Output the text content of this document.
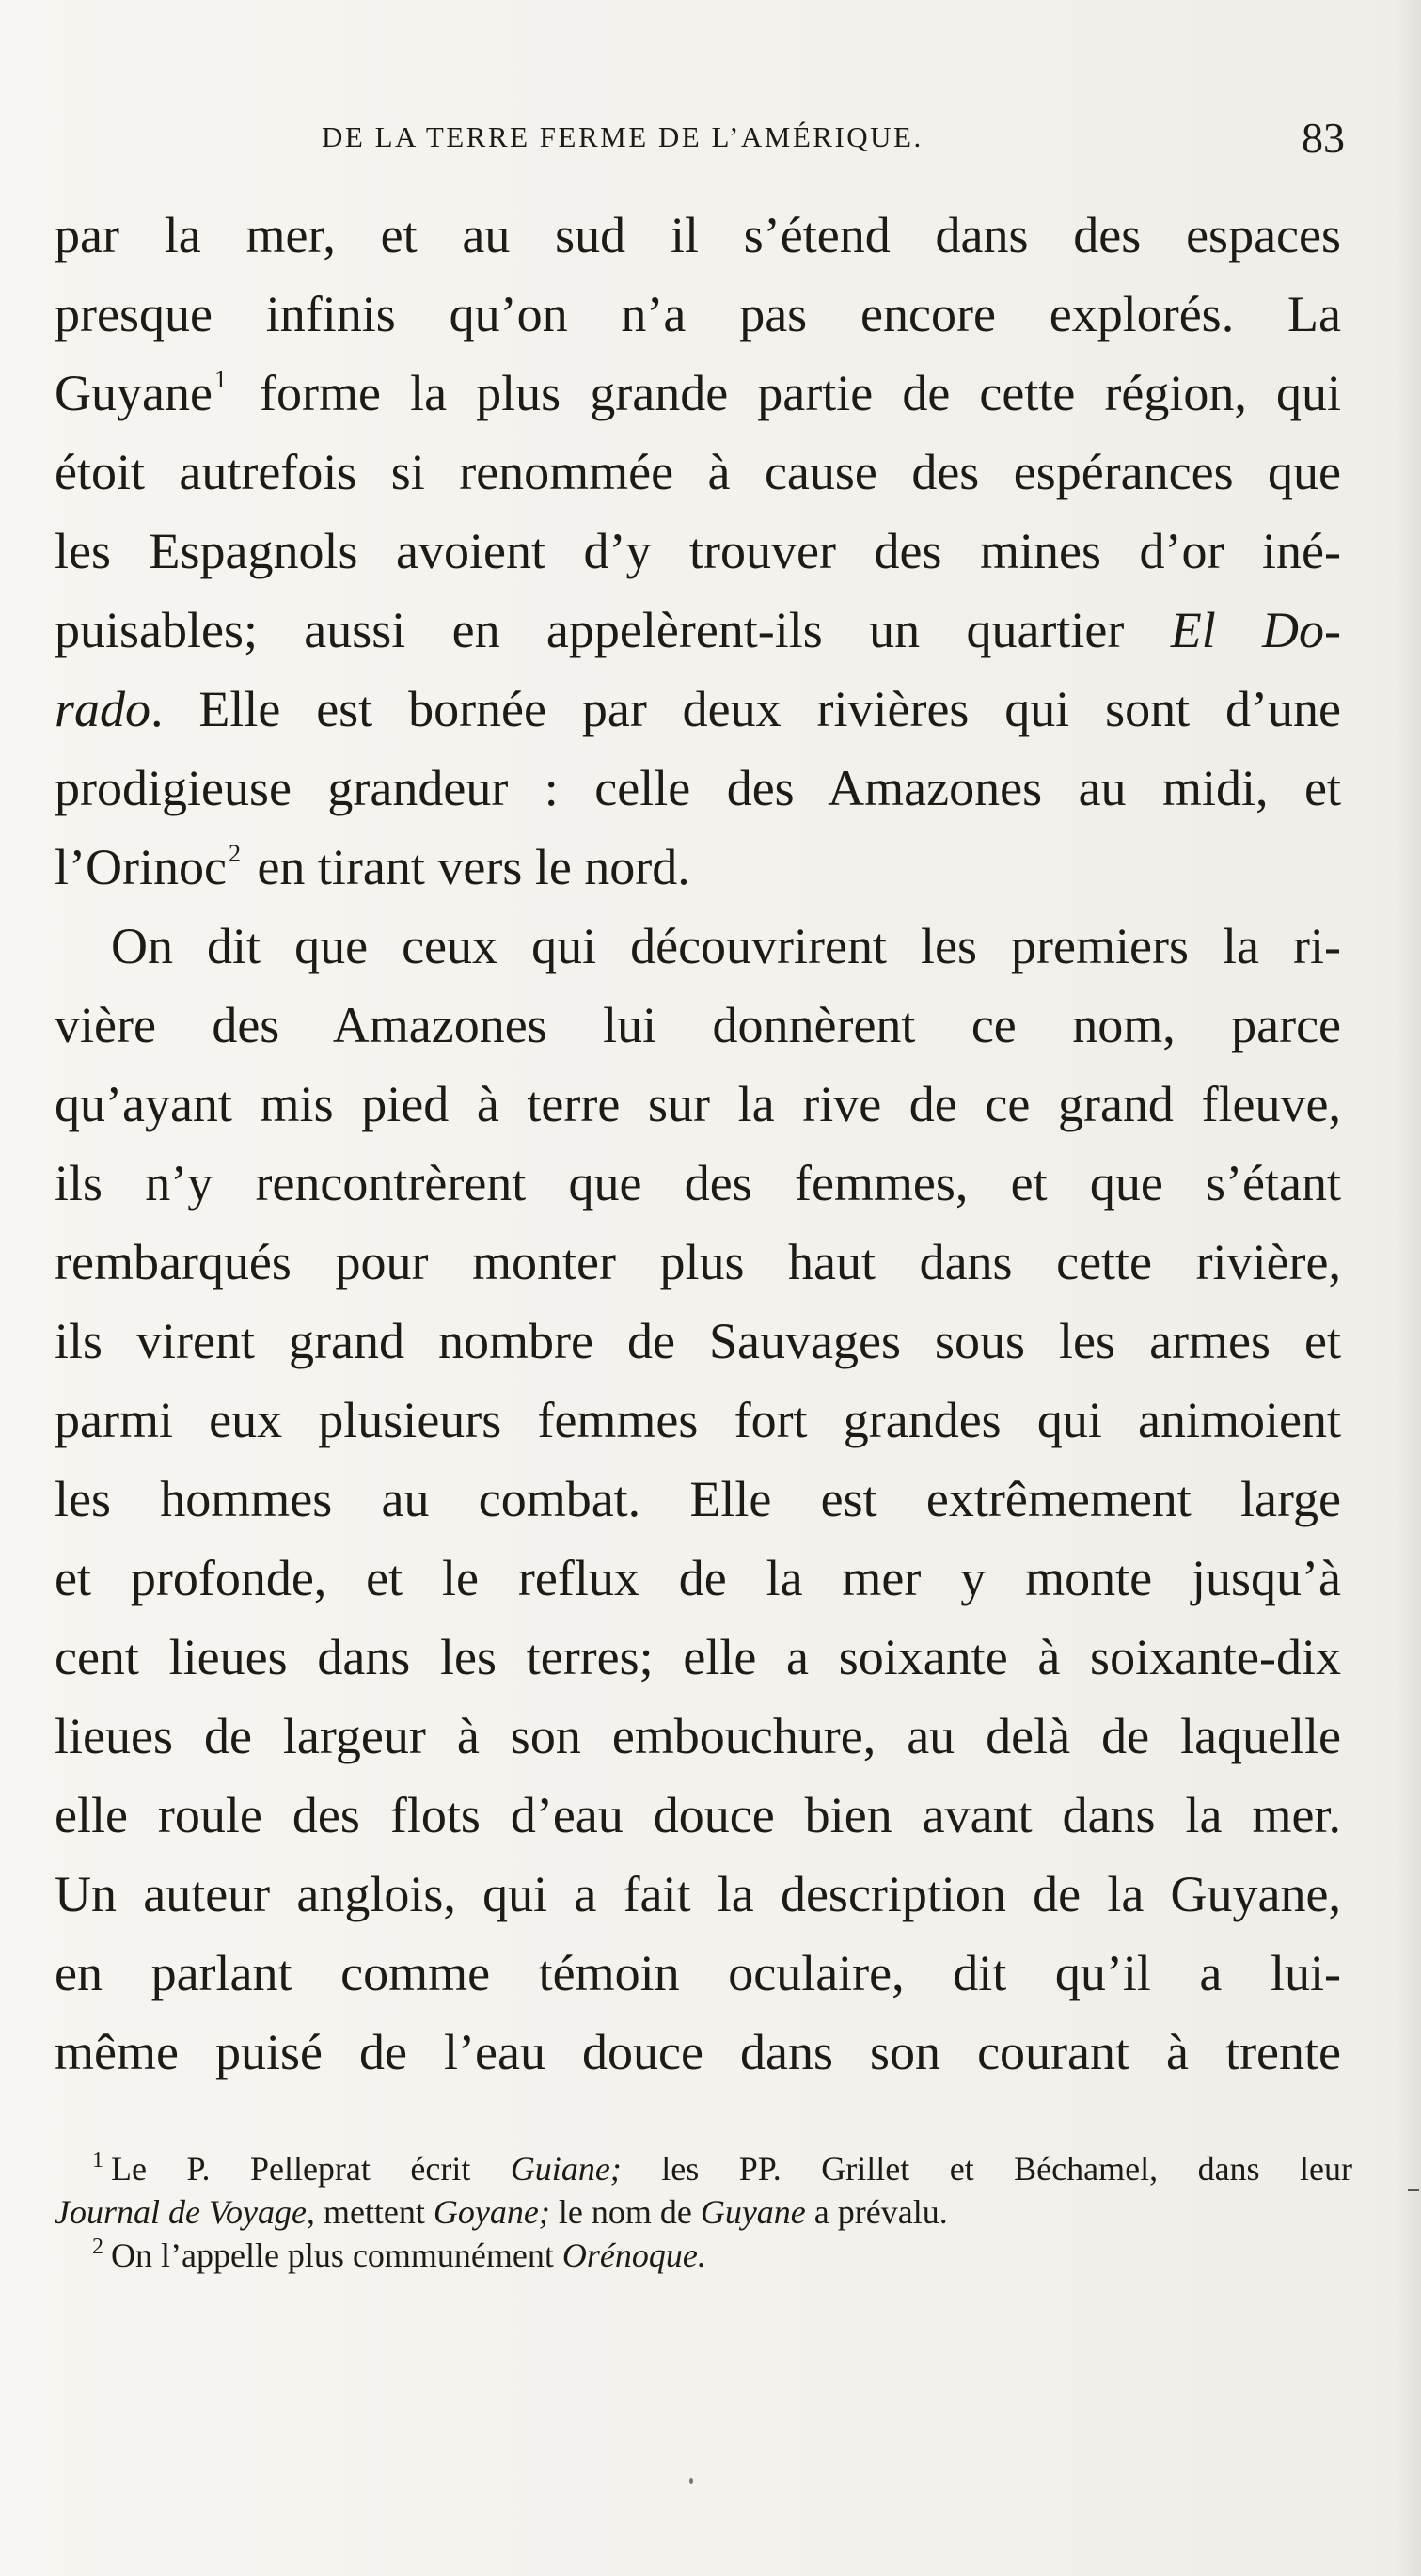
DE LA TERRE FERME DE L’AMÉRIQUE.	83
par la mer, et au sud il s’étend dans des espaces
presque infinis qu’on n’a pas encore explorés. La
Guyane$^1$ forme la plus grande partie de cette région, qui
étoit autrefois si renommée à cause des espérances que
les Espagnols avoient d’y trouver des mines d’or iné-
puisables; aussi en appelèrent-ils un quartier El Do-
rado. Elle est bornée par deux rivières qui sont d’une
prodigieuse grandeur : celle des Amazones au midi, et
l’Orinoc$^2$ en tirant vers le nord.
On dit que ceux qui découvrirent les premiers la ri-
vière des Amazones lui donnèrent ce nom, parce
qu’ayant mis pied à terre sur la rive de ce grand fleuve,
ils n’y rencontrèrent que des femmes, et que s’étant
rembarqués pour monter plus haut dans cette rivière,
ils virent grand nombre de Sauvages sous les armes et
parmi eux plusieurs femmes fort grandes qui animoient
les hommes au combat. Elle est extrêmement large
et profonde, et le reflux de la mer y monte jusqu’à
cent lieues dans les terres; elle a soixante à soixante-dix
lieues de largeur à son embouchure, au delà de laquelle
elle roule des flots d’eau douce bien avant dans la mer.
Un auteur anglois, qui a fait la description de la Guyane,
en parlant comme témoin oculaire, dit qu’il a lui-
même puisé de l’eau douce dans son courant à trente
$^1$ Le P. Pelleprat écrit Guiane; les PP. Grillet et Béchamel, dans leur
Journal de Voyage, mettent Goyane; le nom de Guyane a prévalu.
$^2$ On l’appelle plus communément Orénoque.
